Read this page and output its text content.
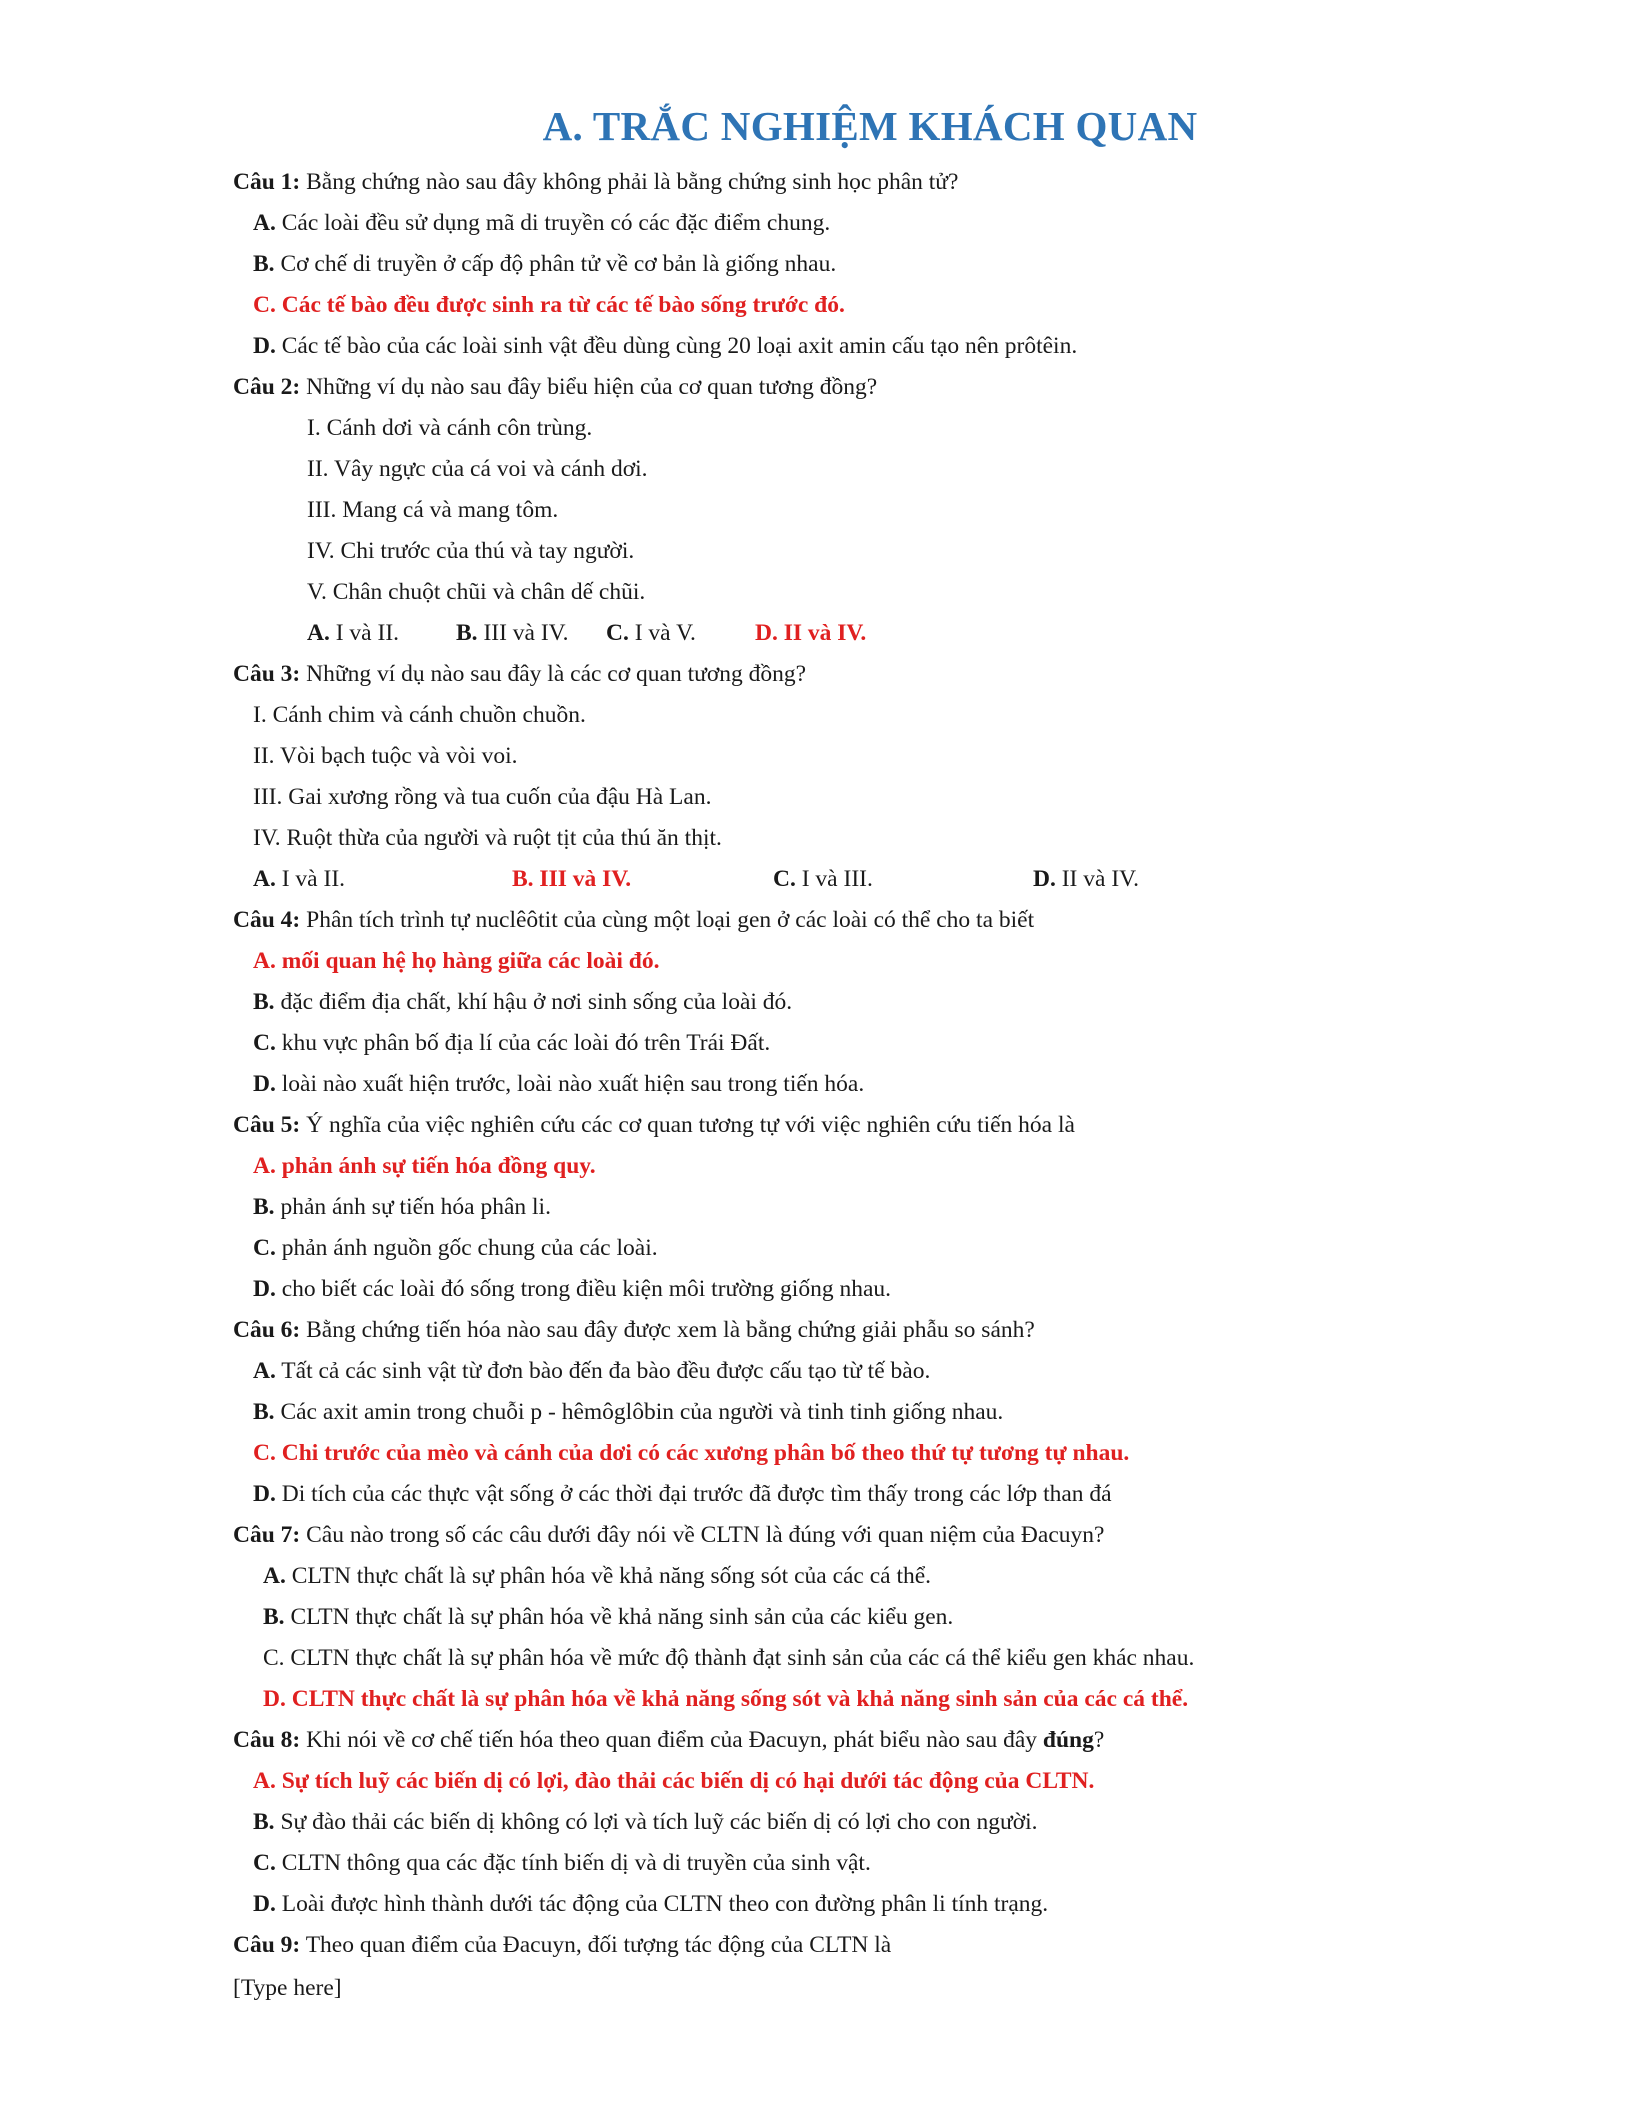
A. TRẮC NGHIỆM KHÁCH QUAN
Câu 1: Bằng chứng nào sau đây không phải là bằng chứng sinh học phân tử?
A. Các loài đều sử dụng mã di truyền có các đặc điểm chung.
B. Cơ chế di truyền ở cấp độ phân tử về cơ bản là giống nhau.
C. Các tế bào đều được sinh ra từ các tế bào sống trước đó.
D. Các tế bào của các loài sinh vật đều dùng cùng 20 loại axit amin cấu tạo nên prôtêin.
Câu 2: Những ví dụ nào sau đây biểu hiện của cơ quan tương đồng?
I. Cánh dơi và cánh côn trùng.
II. Vây ngực của cá voi và cánh dơi.
III. Mang cá và mang tôm.
IV. Chi trước của thú và tay người.
V. Chân chuột chũi và chân dế chũi.
A. I và II. B. III và IV. C. I và V.	D. II và IV.
Câu 3: Những ví dụ nào sau đây là các cơ quan tương đồng?
I. Cánh chim và cánh chuồn chuồn.
II. Vòi bạch tuộc và vòi voi.
III. Gai xương rồng và tua cuốn của đậu Hà Lan.
IV. Ruột thừa của người và ruột tịt của thú ăn thịt.
A. I và II.	B. III và IV.	C. I và III.	D. II và IV.
Câu 4: Phân tích trình tự nuclêôtit của cùng một loại gen ở các loài có thể cho ta biết
A. mối quan hệ họ hàng giữa các loài đó.
B. đặc điểm địa chất, khí hậu ở nơi sinh sống của loài đó.
C. khu vực phân bố địa lí của các loài đó trên Trái Đất.
D. loài nào xuất hiện trước, loài nào xuất hiện sau trong tiến hóa.
Câu 5: Ý nghĩa của việc nghiên cứu các cơ quan tương tự với việc nghiên cứu tiến hóa là
A. phản ánh sự tiến hóa đồng quy.
B. phản ánh sự tiến hóa phân li.
C. phản ánh nguồn gốc chung của các loài.
D. cho biết các loài đó sống trong điều kiện môi trường giống nhau.
Câu 6: Bằng chứng tiến hóa nào sau đây được xem là bằng chứng giải phẫu so sánh?
A. Tất cả các sinh vật từ đơn bào đến đa bào đều được cấu tạo từ tế bào.
B. Các axit amin trong chuỗi p - hêmôglôbin của người và tinh tinh giống nhau.
C. Chi trước của mèo và cánh của dơi có các xương phân bố theo thứ tự tương tự nhau.
D. Di tích của các thực vật sống ở các thời đại trước đã được tìm thấy trong các lớp than đá
Câu 7: Câu nào trong số các câu dưới đây nói về CLTN là đúng với quan niệm của Đacuyn?
A. CLTN thực chất là sự phân hóa về khả năng sống sót của các cá thể.
B. CLTN thực chất là sự phân hóa về khả năng sinh sản của các kiểu gen.
C. CLTN thực chất là sự phân hóa về mức độ thành đạt sinh sản của các cá thể kiểu gen khác nhau.
D. CLTN thực chất là sự phân hóa về khả năng sống sót và khả năng sinh sản của các cá thể.
Câu 8: Khi nói về cơ chế tiến hóa theo quan điểm của Đacuyn, phát biểu nào sau đây đúng?
A. Sự tích luỹ các biến dị có lợi, đào thải các biến dị có hại dưới tác động của CLTN.
B. Sự đào thải các biến dị không có lợi và tích luỹ các biến dị có lợi cho con người.
C. CLTN thông qua các đặc tính biến dị và di truyền của sinh vật.
D. Loài được hình thành dưới tác động của CLTN theo con đường phân li tính trạng.
Câu 9: Theo quan điểm của Đacuyn, đối tượng tác động của CLTN là
[Type here]
